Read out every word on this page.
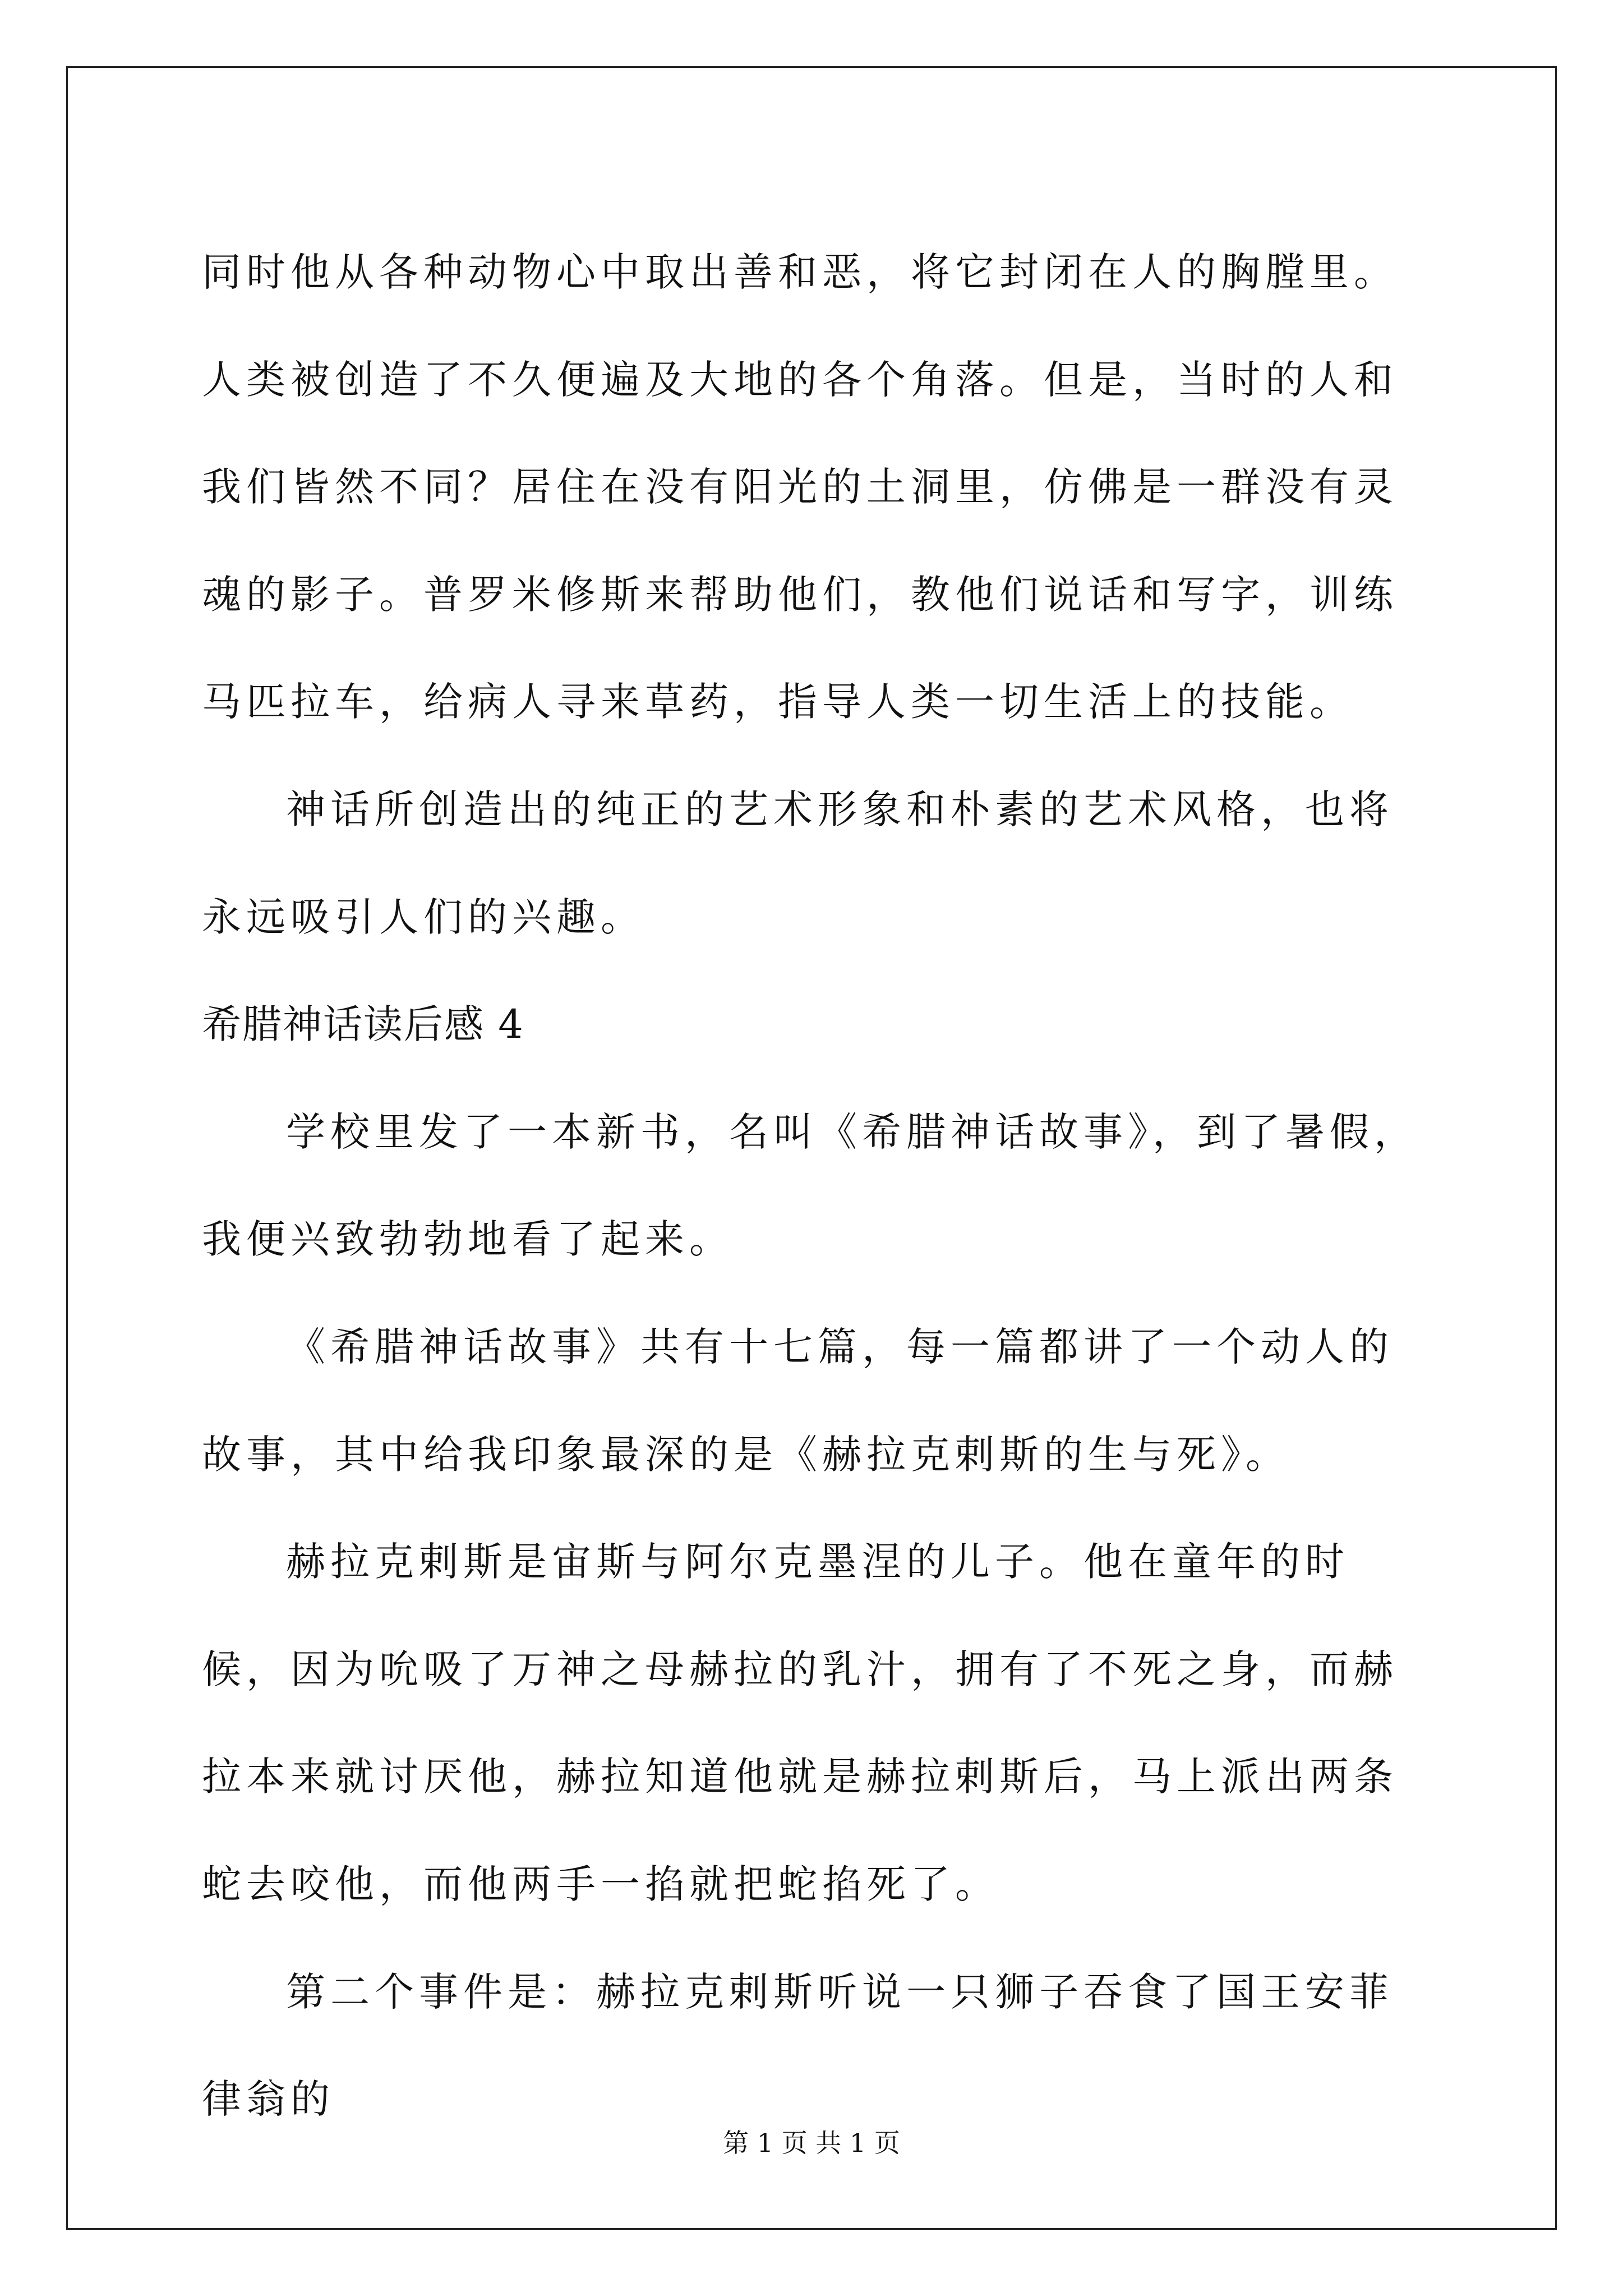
同时他从各种动物心中取出善和恶，将它封闭在人的胸膛里。人类被创造了不久便遍及大地的各个角落。但是，当时的人和我们皆然不同？居住在没有阳光的土洞里，仿佛是一群没有灵魂的影子。普罗米修斯来帮助他们，教他们说话和写字，训练马匹拉车，给病人寻来草药，指导人类一切生活上的技能。

神话所创造出的纯正的艺术形象和朴素的艺术风格，也将永远吸引人们的兴趣。

希腊神话读后感 4

学校里发了一本新书，名叫《希腊神话故事》，到了暑假，我便兴致勃勃地看了起来。

《希腊神话故事》共有十七篇，每一篇都讲了一个动人的故事，其中给我印象最深的是《赫拉克剌斯的生与死》。

赫拉克剌斯是宙斯与阿尔克墨涅的儿子。他在童年的时候，因为吮吸了万神之母赫拉的乳汁，拥有了不死之身，而赫拉本来就讨厌他，赫拉知道他就是赫拉剌斯后，马上派出两条蛇去咬他，而他两手一掐就把蛇掐死了。

第二个事件是：赫拉克剌斯听说一只狮子吞食了国王安菲律翁的

第 1 页 共 1 页
